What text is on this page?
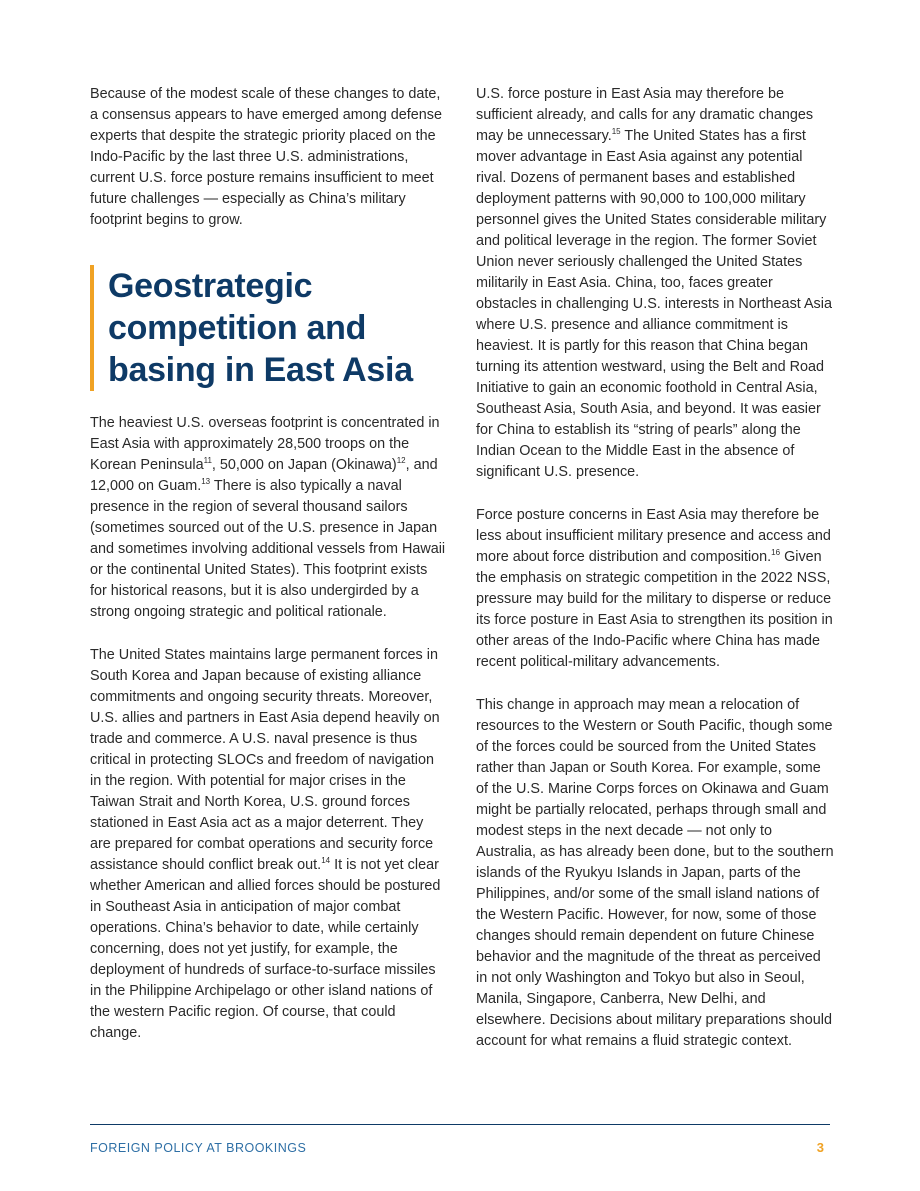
Because of the modest scale of these changes to date, a consensus appears to have emerged among defense experts that despite the strategic priority placed on the Indo-Pacific by the last three U.S. administrations, current U.S. force posture remains insufficient to meet future challenges — especially as China’s military footprint begins to grow.

Geostrategic competition and basing in East Asia

The heaviest U.S. overseas footprint is concentrated in East Asia with approximately 28,500 troops on the Korean Peninsula$^{11}$, 50,000 on Japan (Okinawa)$^{12}$, and 12,000 on Guam.$^{13}$ There is also typically a naval presence in the region of several thousand sailors (sometimes sourced out of the U.S. presence in Japan and sometimes involving additional vessels from Hawaii or the continental United States). This footprint exists for historical reasons, but it is also undergirded by a strong ongoing strategic and political rationale.

The United States maintains large permanent forces in South Korea and Japan because of existing alliance commitments and ongoing security threats. Moreover, U.S. allies and partners in East Asia depend heavily on trade and commerce. A U.S. naval presence is thus critical in protecting SLOCs and freedom of navigation in the region. With potential for major crises in the Taiwan Strait and North Korea, U.S. ground forces stationed in East Asia act as a major deterrent. They are prepared for combat operations and security force assistance should conflict break out.$^{14}$ It is not yet clear whether American and allied forces should be postured in Southeast Asia in anticipation of major combat operations. China’s behavior to date, while certainly concerning, does not yet justify, for example, the deployment of hundreds of surface-to-surface missiles in the Philippine Archipelago or other island nations of the western Pacific region. Of course, that could change.

U.S. force posture in East Asia may therefore be sufficient already, and calls for any dramatic changes may be unnecessary.$^{15}$ The United States has a first mover advantage in East Asia against any potential rival. Dozens of permanent bases and established deployment patterns with 90,000 to 100,000 military personnel gives the United States considerable military and political leverage in the region. The former Soviet Union never seriously challenged the United States militarily in East Asia. China, too, faces greater obstacles in challenging U.S. interests in Northeast Asia where U.S. presence and alliance commitment is heaviest. It is partly for this reason that China began turning its attention westward, using the Belt and Road Initiative to gain an economic foothold in Central Asia, Southeast Asia, South Asia, and beyond. It was easier for China to establish its “string of pearls” along the Indian Ocean to the Middle East in the absence of significant U.S. presence.

Force posture concerns in East Asia may therefore be less about insufficient military presence and access and more about force distribution and composition.$^{16}$ Given the emphasis on strategic competition in the 2022 NSS, pressure may build for the military to disperse or reduce its force posture in East Asia to strengthen its position in other areas of the Indo-Pacific where China has made recent political-military advancements.

This change in approach may mean a relocation of resources to the Western or South Pacific, though some of the forces could be sourced from the United States rather than Japan or South Korea. For example, some of the U.S. Marine Corps forces on Okinawa and Guam might be partially relocated, perhaps through small and modest steps in the next decade — not only to Australia, as has already been done, but to the southern islands of the Ryukyu Islands in Japan, parts of the Philippines, and/or some of the small island nations of the Western Pacific. However, for now, some of those changes should remain dependent on future Chinese behavior and the magnitude of the threat as perceived in not only Washington and Tokyo but also in Seoul, Manila, Singapore, Canberra, New Delhi, and elsewhere. Decisions about military preparations should account for what remains a fluid strategic context.

FOREIGN POLICY AT BROOKINGS	3
